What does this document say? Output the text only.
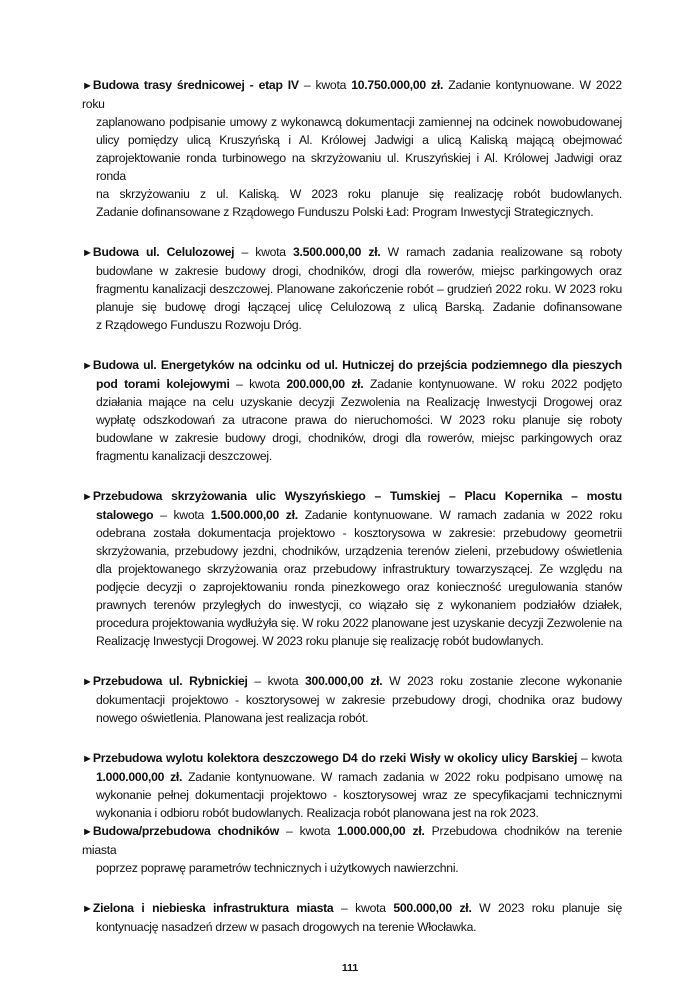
►Budowa trasy średnicowej - etap IV – kwota 10.750.000,00 zł. Zadanie kontynuowane. W 2022 roku
zaplanowano podpisanie umowy z wykonawcą dokumentacji zamiennej na odcinek nowobudowanej
ulicy pomiędzy ulicą Kruszyńską i Al. Królowej Jadwigi a ulicą Kaliską mającą obejmować
zaprojektowanie ronda turbinowego na skrzyżowaniu ul. Kruszyńskiej i Al. Królowej Jadwigi oraz ronda
na skrzyżowaniu z ul. Kaliską. W 2023 roku planuje się realizację robót budowlanych.
Zadanie dofinansowane z Rządowego Funduszu Polski Ład: Program Inwestycji Strategicznych.

►Budowa ul. Celulozowej – kwota 3.500.000,00 zł. W ramach zadania realizowane są roboty
budowlane w zakresie budowy drogi, chodników, drogi dla rowerów, miejsc parkingowych oraz
fragmentu kanalizacji deszczowej. Planowane zakończenie robót – grudzień 2022 roku. W 2023 roku
planuje się budowę drogi łączącej ulicę Celulozową z ulicą Barską. Zadanie dofinansowane
z Rządowego Funduszu Rozwoju Dróg.

►Budowa ul. Energetyków na odcinku od ul. Hutniczej do przejścia podziemnego dla pieszych
pod torami kolejowymi – kwota 200.000,00 zł. Zadanie kontynuowane. W roku 2022 podjęto
działania mające na celu uzyskanie decyzji Zezwolenia na Realizację Inwestycji Drogowej oraz
wypłatę odszkodowań za utracone prawa do nieruchomości. W 2023 roku planuje się roboty
budowlane w zakresie budowy drogi, chodników, drogi dla rowerów, miejsc parkingowych oraz
fragmentu kanalizacji deszczowej.

►Przebudowa skrzyżowania ulic Wyszyńskiego – Tumskiej – Placu Kopernika – mostu
stalowego – kwota 1.500.000,00 zł. Zadanie kontynuowane. W ramach zadania w 2022 roku
odebrana została dokumentacja projektowo - kosztorysowa w zakresie: przebudowy geometrii
skrzyżowania, przebudowy jezdni, chodników, urządzenia terenów zieleni, przebudowy oświetlenia
dla projektowanego skrzyżowania oraz przebudowy infrastruktury towarzyszącej. Ze względu na
podjęcie decyzji o zaprojektowaniu ronda pinezkowego oraz konieczność uregulowania stanów
prawnych terenów przyległych do inwestycji, co wiązało się z wykonaniem podziałów działek,
procedura projektowania wydłużyła się. W roku 2022 planowane jest uzyskanie decyzji Zezwolenie na
Realizację Inwestycji Drogowej. W 2023 roku planuje się realizację robót budowlanych.

►Przebudowa ul. Rybnickiej – kwota 300.000,00 zł. W 2023 roku zostanie zlecone wykonanie
dokumentacji projektowo - kosztorysowej w zakresie przebudowy drogi, chodnika oraz budowy
nowego oświetlenia. Planowana jest realizacja robót.

►Przebudowa wylotu kolektora deszczowego D4 do rzeki Wisły w okolicy ulicy Barskiej – kwota
1.000.000,00 zł. Zadanie kontynuowane. W ramach zadania w 2022 roku podpisano umowę na
wykonanie pełnej dokumentacji projektowo - kosztorysowej wraz ze specyfikacjami technicznymi
wykonania i odbioru robót budowlanych. Realizacja robót planowana jest na rok 2023.

►Budowa/przebudowa chodników – kwota 1.000.000,00 zł. Przebudowa chodników na terenie miasta
poprzez poprawę parametrów technicznych i użytkowych nawierzchni.

►Zielona i niebieska infrastruktura miasta – kwota 500.000,00 zł. W 2023 roku planuje się
kontynuację nasadzeń drzew w pasach drogowych na terenie Włocławka.

111
